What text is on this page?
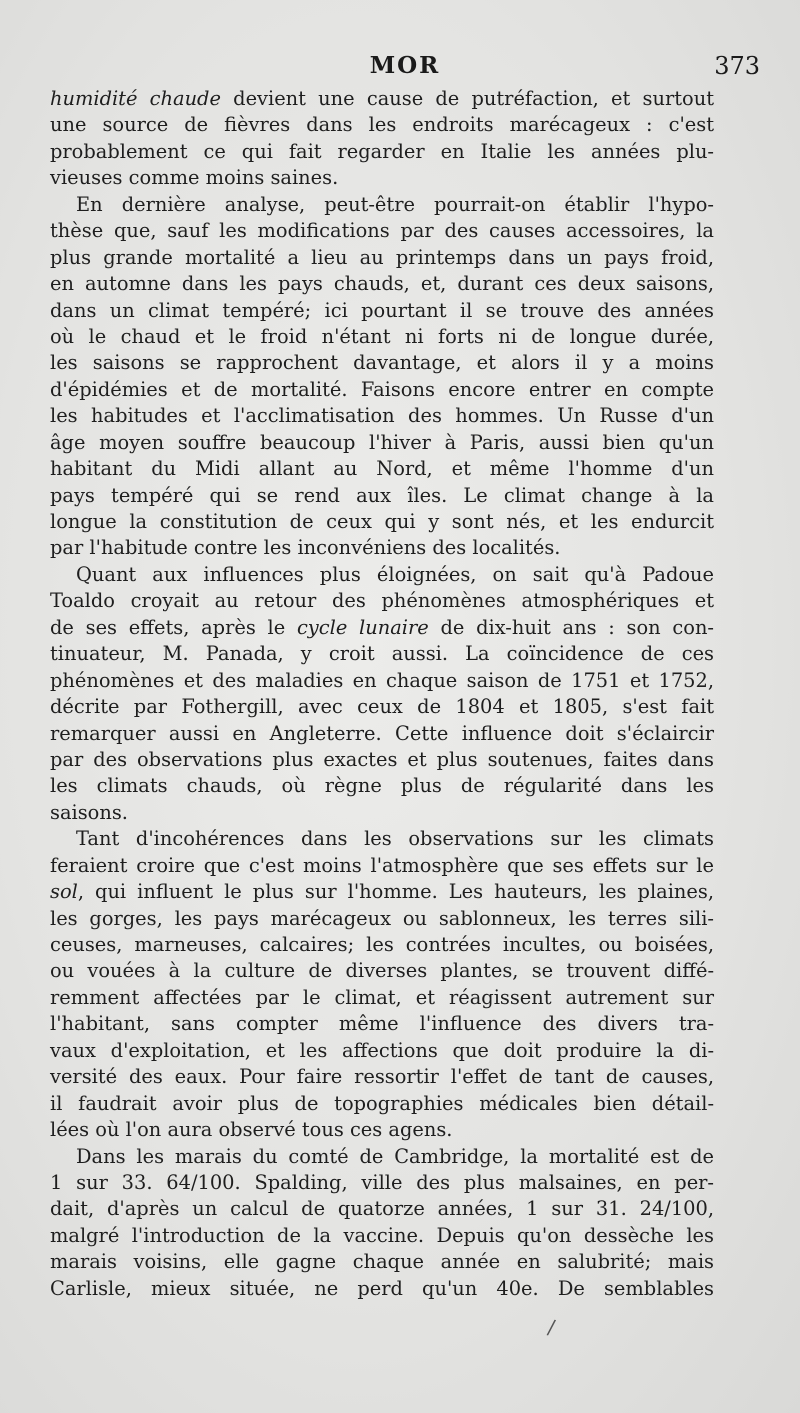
MOR	373
humidité chaude devient une cause de putréfaction, et surtout
une source de fièvres dans les endroits marécageux : c'est
probablement ce qui fait regarder en Italie les années plu-
vieuses comme moins saines.
En dernière analyse, peut-être pourrait-on établir l'hypo-
thèse que, sauf les modifications par des causes accessoires, la
plus grande mortalité a lieu au printemps dans un pays froid,
en automne dans les pays chauds, et, durant ces deux saisons,
dans un climat tempéré; ici pourtant il se trouve des années
où le chaud et le froid n'étant ni forts ni de longue durée,
les saisons se rapprochent davantage, et alors il y a moins
d'épidémies et de mortalité. Faisons encore entrer en compte
les habitudes et l'acclimatisation des hommes. Un Russe d'un
âge moyen souffre beaucoup l'hiver à Paris, aussi bien qu'un
habitant du Midi allant au Nord, et même l'homme d'un
pays tempéré qui se rend aux îles. Le climat change à la
longue la constitution de ceux qui y sont nés, et les endurcit
par l'habitude contre les inconvéniens des localités.
Quant aux influences plus éloignées, on sait qu'à Padoue
Toaldo croyait au retour des phénomènes atmosphériques et
de ses effets, après le cycle lunaire de dix-huit ans : son con-
tinuateur, M. Panada, y croit aussi. La coïncidence de ces
phénomènes et des maladies en chaque saison de 1751 et 1752,
décrite par Fothergill, avec ceux de 1804 et 1805, s'est fait
remarquer aussi en Angleterre. Cette influence doit s'éclaircir
par des observations plus exactes et plus soutenues, faites dans
les climats chauds, où règne plus de régularité dans les
saisons.
Tant d'incohérences dans les observations sur les climats
feraient croire que c'est moins l'atmosphère que ses effets sur le
sol, qui influent le plus sur l'homme. Les hauteurs, les plaines,
les gorges, les pays marécageux ou sablonneux, les terres sili-
ceuses, marneuses, calcaires; les contrées incultes, ou boisées,
ou vouées à la culture de diverses plantes, se trouvent diffé-
remment affectées par le climat, et réagissent autrement sur
l'habitant, sans compter même l'influence des divers tra-
vaux d'exploitation, et les affections que doit produire la di-
versité des eaux. Pour faire ressortir l'effet de tant de causes,
il faudrait avoir plus de topographies médicales bien détail-
lées où l'on aura observé tous ces agens.
Dans les marais du comté de Cambridge, la mortalité est de
1 sur 33. 64/100. Spalding, ville des plus malsaines, en per-
dait, d'après un calcul de quatorze années, 1 sur 31. 24/100,
malgré l'introduction de la vaccine. Depuis qu'on dessèche les
marais voisins, elle gagne chaque année en salubrité; mais
Carlisle, mieux située, ne perd qu'un 40e. De semblables
/
